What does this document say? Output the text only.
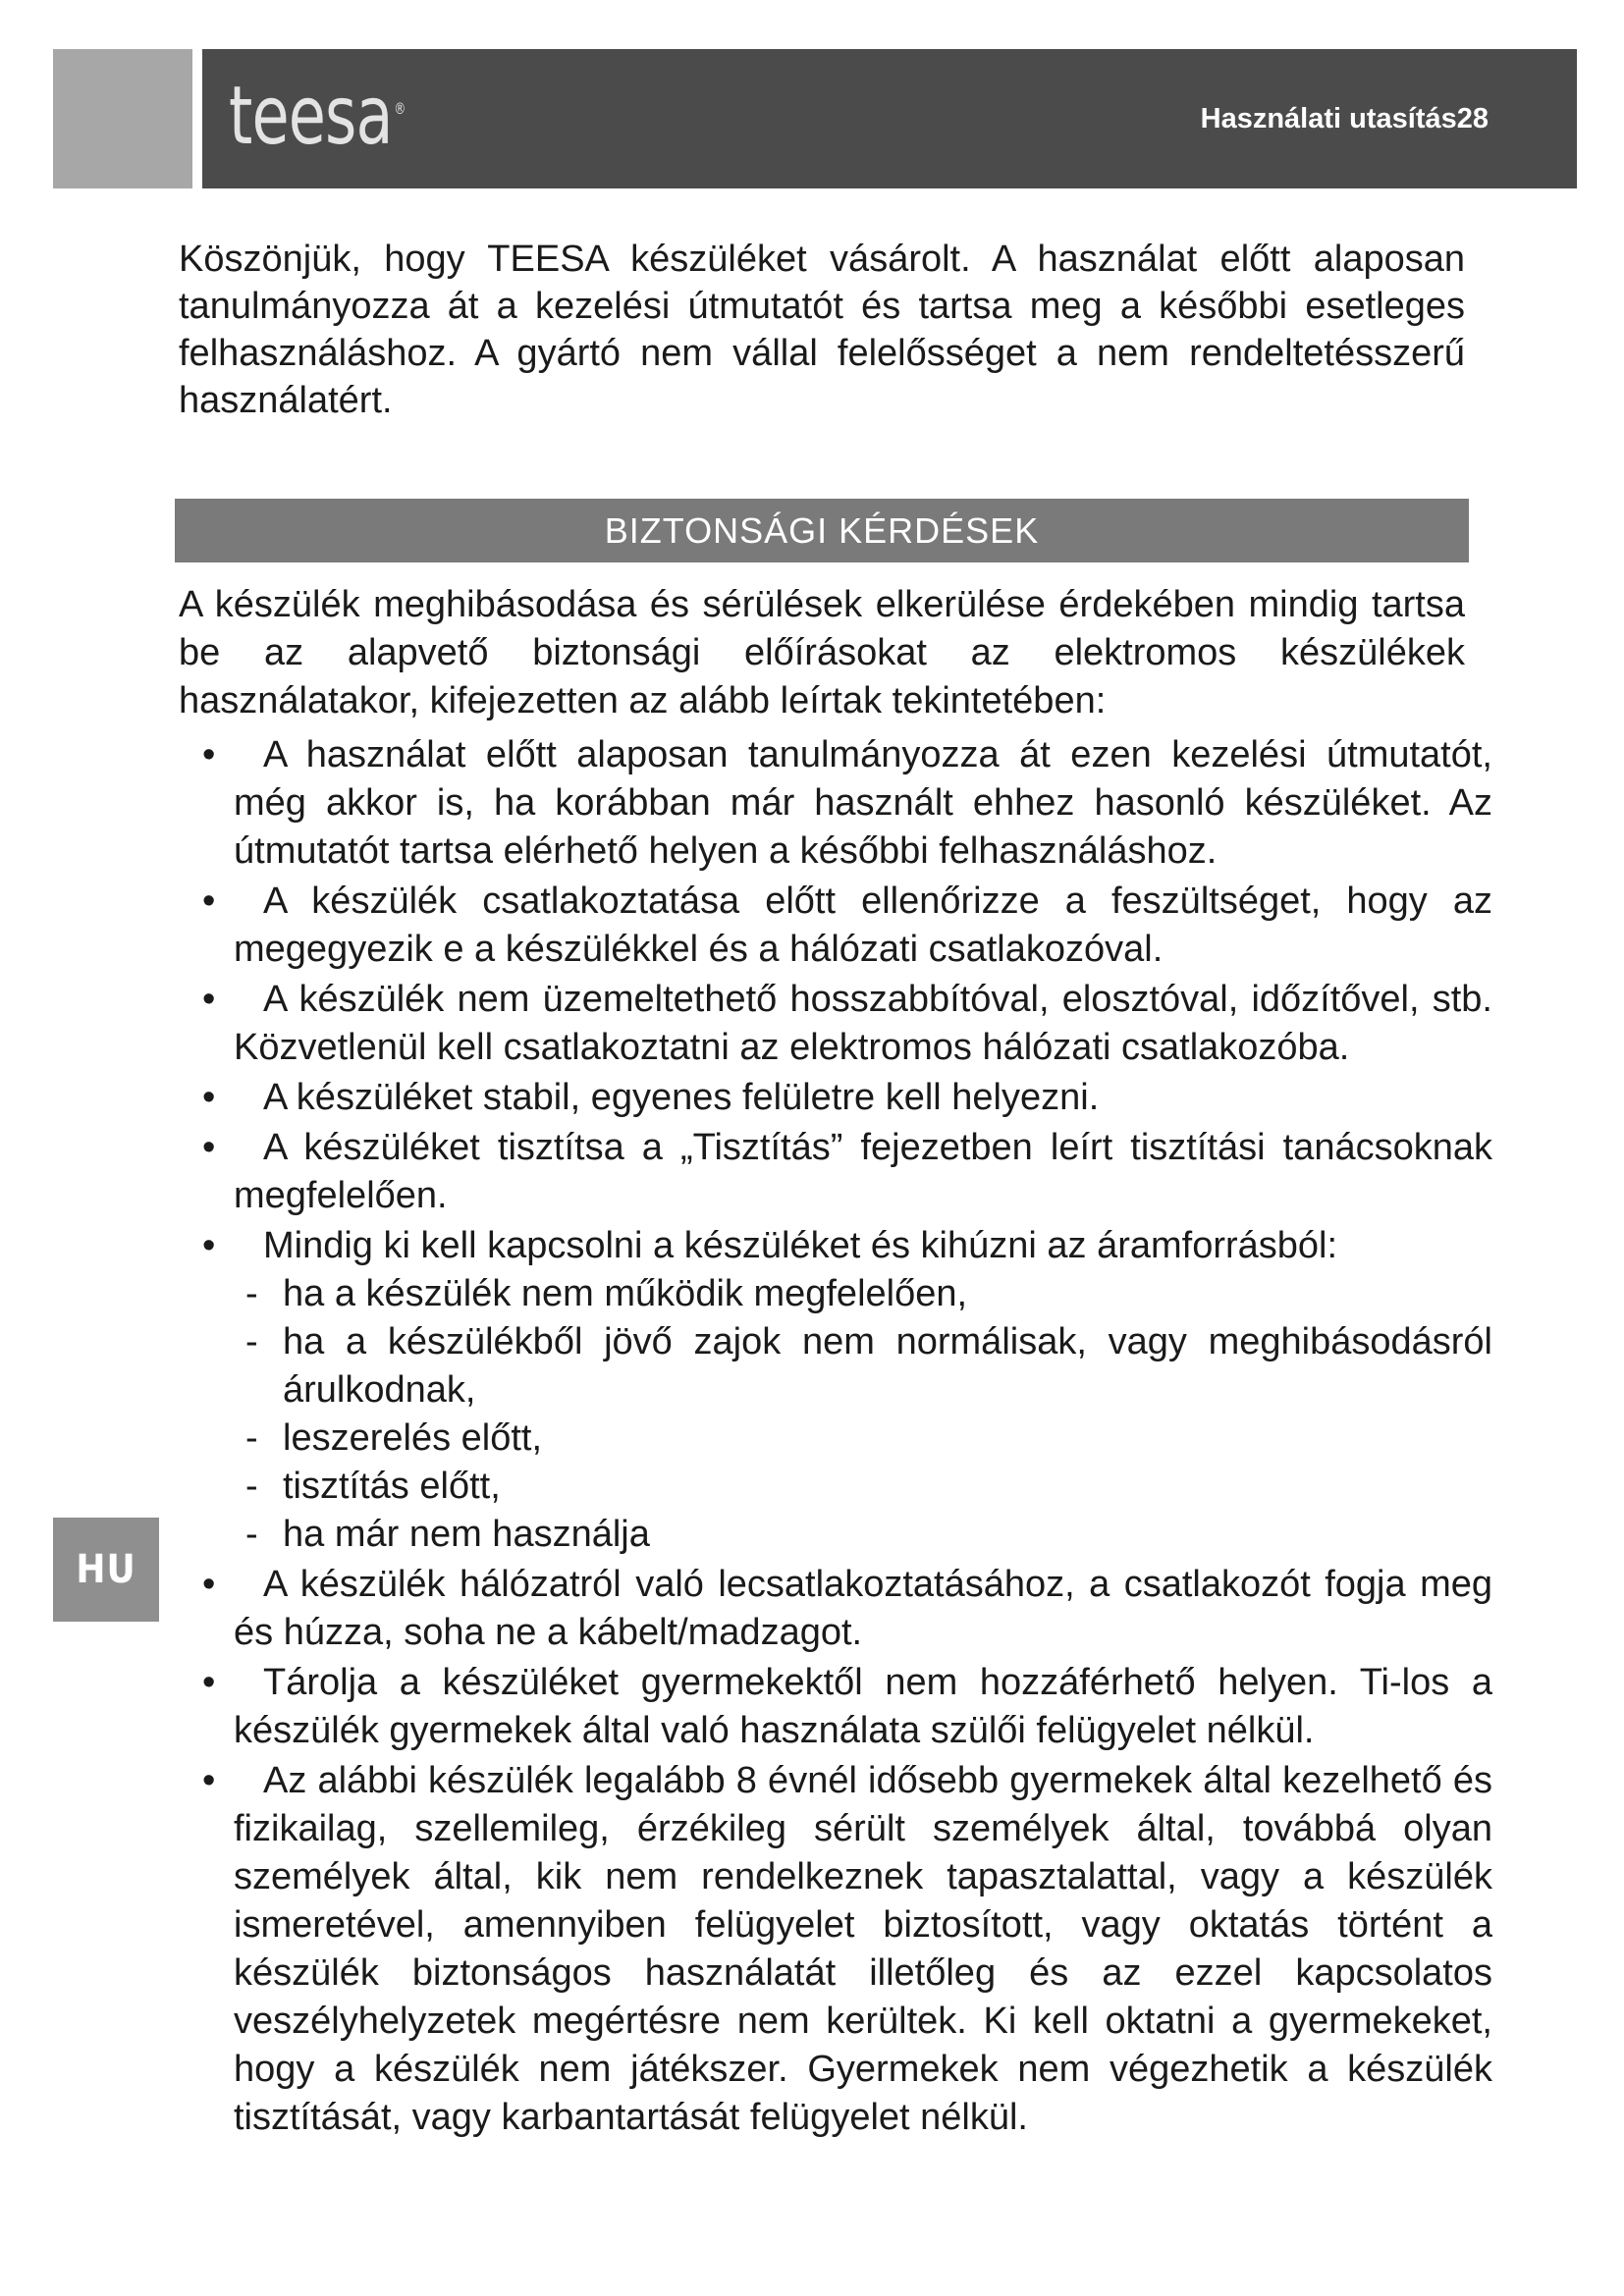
teesa ®	Használati utasítás28

Köszönjük, hogy TEESA készüléket vásárolt. A használat előtt alaposan tanulmányozza át a kezelési útmutatót és tartsa meg a későbbi esetleges felhasználáshoz. A gyártó nem vállal felelősséget a nem rendeltetésszerű használatért.

BIZTONSÁGI KÉRDÉSEK

A készülék meghibásodása és sérülések elkerülése érdekében mindig tartsa be az alapvető biztonsági előírásokat az elektromos készülékek használatakor, kifejezetten az alább leírtak tekintetében:

•	A használat előtt alaposan tanulmányozza át ezen kezelési útmutatót, még akkor is, ha korábban már használt ehhez hasonló készüléket. Az útmutatót tartsa elérhető helyen a későbbi felhasználáshoz.
•	A készülék csatlakoztatása előtt ellenőrizze a feszültséget, hogy az megegyezik e a készülékkel és a hálózati csatlakozóval.
•	A készülék nem üzemeltethető hosszabbítóval, elosztóval, időzítővel, stb. Közvetlenül kell csatlakoztatni az elektromos hálózati csatlakozóba.
•	A készüléket stabil, egyenes felületre kell helyezni.
•	A készüléket tisztítsa a „Tisztítás” fejezetben leírt tisztítási tanácsoknak megfelelően.
•	Mindig ki kell kapcsolni a készüléket és kihúzni az áramforrásból:
- ha a készülék nem működik megfelelően,
- ha a készülékből jövő zajok nem normálisak, vagy meghibásodásról árulkodnak,
- leszerelés előtt,
- tisztítás előtt,
- ha már nem használja
•	A készülék hálózatról való lecsatlakoztatásához, a csatlakozót fogja meg és húzza, soha ne a kábelt/madzagot.
•	Tárolja a készüléket gyermekektől nem hozzáférhető helyen. Ti-los a készülék gyermekek által való használata szülői felügyelet nélkül.
•	Az alábbi készülék legalább 8 évnél idősebb gyermekek által kezelhető és fizikailag, szellemileg, érzékileg sérült személyek által, továbbá olyan személyek által, kik nem rendelkeznek tapasztalattal, vagy a készülék ismeretével, amennyiben felügyelet biztosított, vagy oktatás történt a készülék biztonságos használatát illetőleg és az ezzel kapcsolatos veszélyhelyzetek megértésre nem kerültek. Ki kell oktatni a gyermekeket, hogy a készülék nem játékszer. Gyermekek nem végezhetik a készülék tisztítását, vagy karbantartását felügyelet nélkül.
HU
